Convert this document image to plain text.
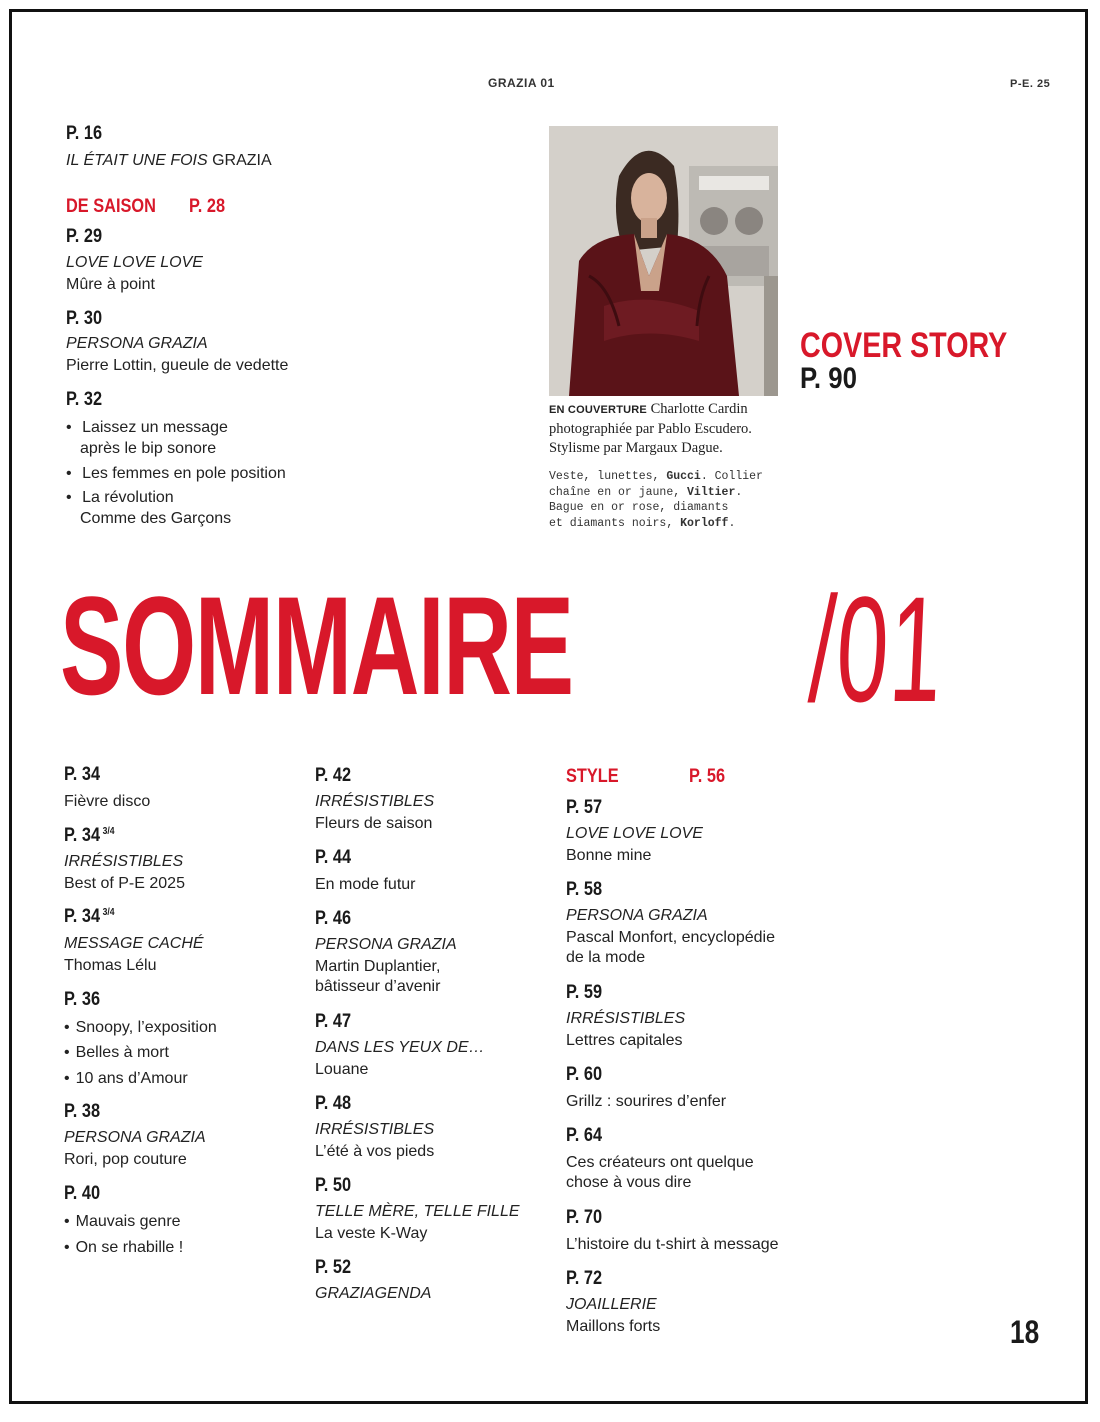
GRAZIA 01	P-E. 25
P. 16
IL ÉTAIT UNE FOIS GRAZIA
DE SAISON P. 28
P. 29
LOVE LOVE LOVE
Mûre à point
P. 30
PERSONA GRAZIA
Pierre Lottin, gueule de vedette
P. 32
• Laissez un message
après le bip sonore
• Les femmes en pole position
• La révolution
Comme des Garçons
EN COUVERTURE Charlotte Cardin
photographiée par Pablo Escudero.
Stylisme par Margaux Dague.
Veste, lunettes, Gucci. Collier
chaîne en or jaune, Viltier.
Bague en or rose, diamants
et diamants noirs, Korloff.
COVER STORY
P. 90
SOMMAIRE /01
P. 34
Fièvre disco
P. 34 $^{3/4}$
IRRÉSISTIBLES
Best of P-E 2025
P. 34 $^{3/4}$
MESSAGE CACHÉ
Thomas Lélu
P. 36
• Snoopy, l’exposition
• Belles à mort
• 10 ans d’Amour
P. 38
PERSONA GRAZIA
Rori, pop couture
P. 40
• Mauvais genre
• On se rhabille !
P. 42
IRRÉSISTIBLES
Fleurs de saison
P. 44
En mode futur
P. 46
PERSONA GRAZIA
Martin Duplantier,
bâtisseur d’avenir
P. 47
DANS LES YEUX DE…
Louane
P. 48
IRRÉSISTIBLES
L’été à vos pieds
P. 50
TELLE MÈRE, TELLE FILLE
La veste K-Way
P. 52
GRAZIAGENDA
STYLE	P. 56
P. 57
LOVE LOVE LOVE
Bonne mine
P. 58
PERSONA GRAZIA
Pascal Monfort, encyclopédie
de la mode
P. 59
IRRÉSISTIBLES
Lettres capitales
P. 60
Grillz : sourires d’enfer
P. 64
Ces créateurs ont quelque
chose à vous dire
P. 70
L’histoire du t-shirt à message
P. 72
JOAILLERIE
Maillons forts	18
